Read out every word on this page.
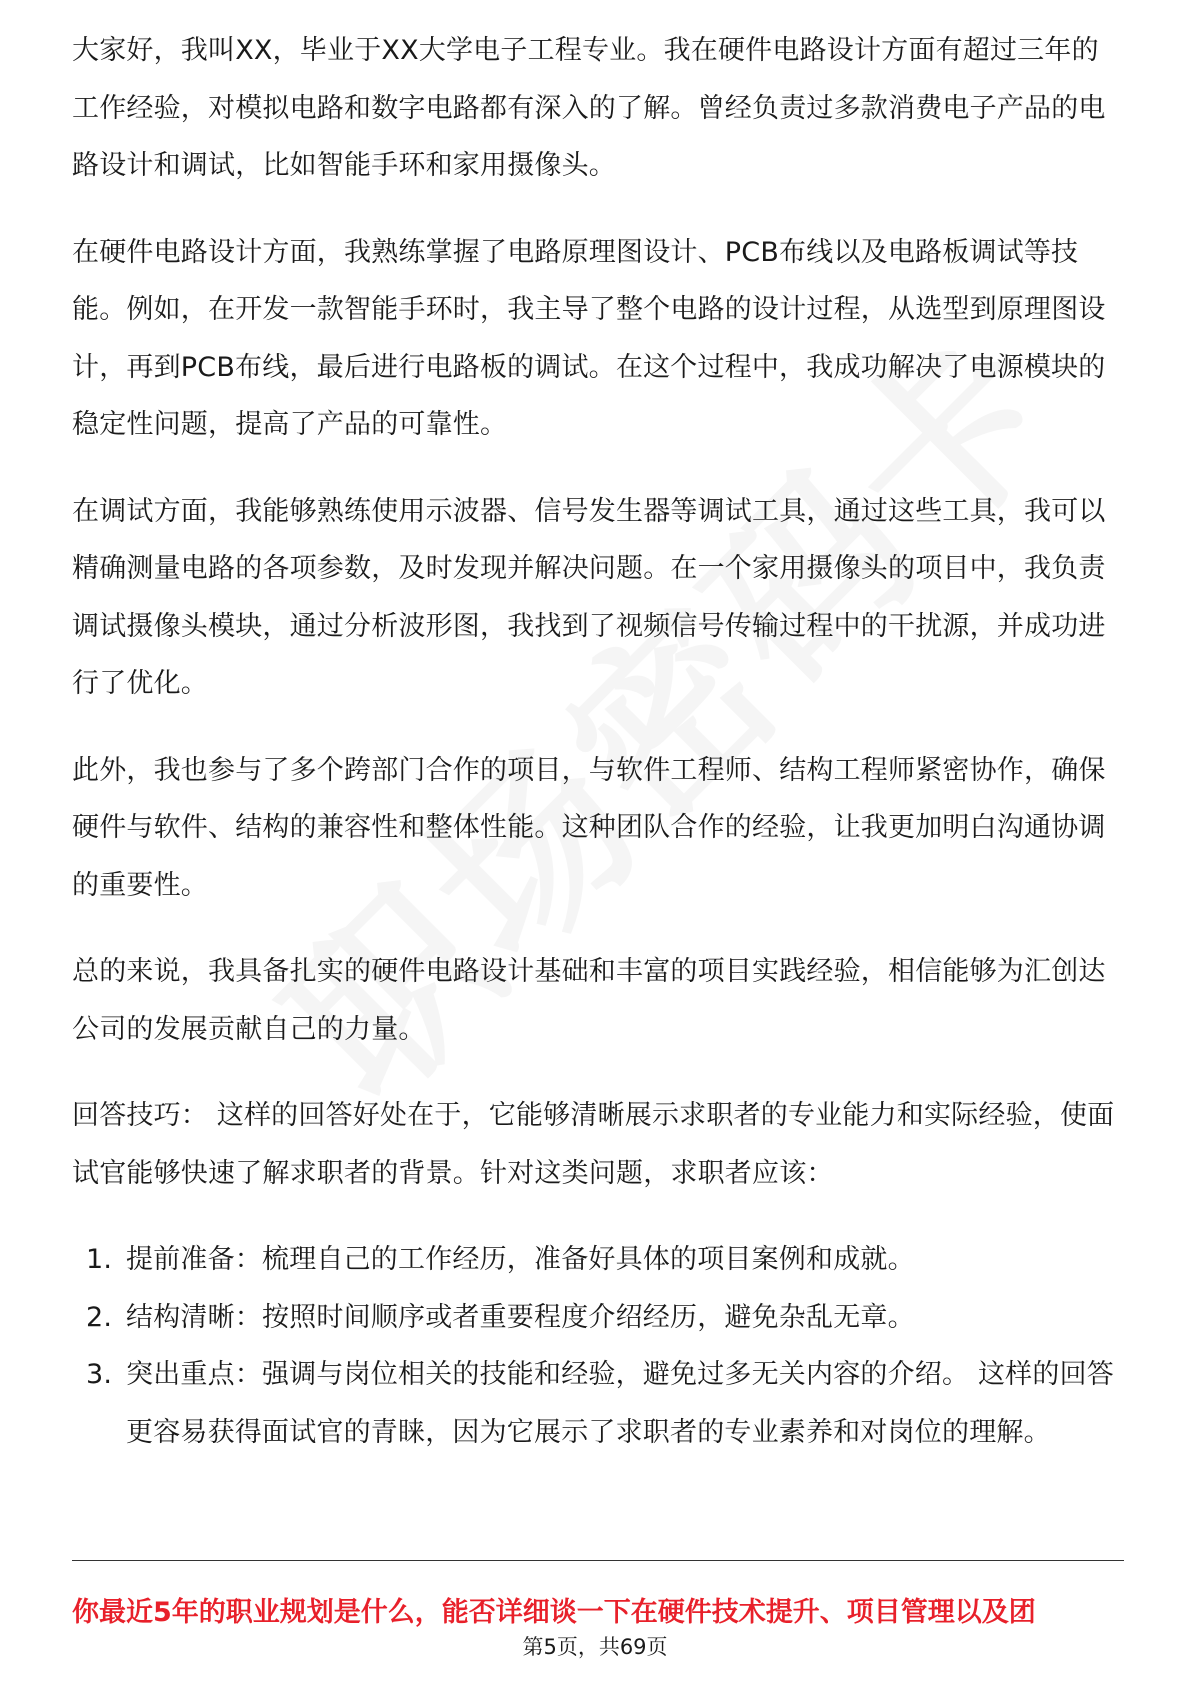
大家好，我叫XX，毕业于XX大学电子工程专业。我在硬件电路设计方面有超过三年的工作经验，对模拟电路和数字电路都有深入的了解。曾经负责过多款消费电子产品的电路设计和调试，比如智能手环和家用摄像头。

在硬件电路设计方面，我熟练掌握了电路原理图设计、PCB布线以及电路板调试等技能。例如，在开发一款智能手环时，我主导了整个电路的设计过程，从选型到原理图设计，再到PCB布线，最后进行电路板的调试。在这个过程中，我成功解决了电源模块的稳定性问题，提高了产品的可靠性。

在调试方面，我能够熟练使用示波器、信号发生器等调试工具，通过这些工具，我可以精确测量电路的各项参数，及时发现并解决问题。在一个家用摄像头的项目中，我负责调试摄像头模块，通过分析波形图，我找到了视频信号传输过程中的干扰源，并成功进行了优化。

此外，我也参与了多个跨部门合作的项目，与软件工程师、结构工程师紧密协作，确保硬件与软件、结构的兼容性和整体性能。这种团队合作的经验，让我更加明白沟通协调的重要性。

总的来说，我具备扎实的硬件电路设计基础和丰富的项目实践经验，相信能够为汇创达公司的发展贡献自己的力量。

回答技巧： 这样的回答好处在于，它能够清晰展示求职者的专业能力和实际经验，使面试官能够快速了解求职者的背景。针对这类问题，求职者应该：

1. 提前准备：梳理自己的工作经历，准备好具体的项目案例和成就。
2. 结构清晰：按照时间顺序或者重要程度介绍经历，避免杂乱无章。
3. 突出重点：强调与岗位相关的技能和经验，避免过多无关内容的介绍。 这样的回答更容易获得面试官的青睐，因为它展示了求职者的专业素养和对岗位的理解。
你最近5年的职业规划是什么，能否详细谈一下在硬件技术提升、项目管理以及团
第5页，共69页
